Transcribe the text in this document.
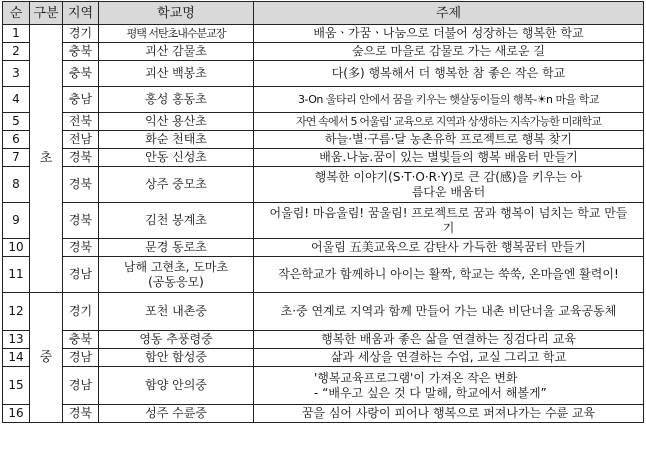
순	구분	지역	학교명	주제
1	초	경기	평택 서탄초내수분교장	배움ㆍ가꿈ㆍ나눔으로 더불어 성장하는 행복한 학교
2		충북	괴산 감물초	숲으로 마을로 감물로 가는 새로운 길
3		충북	괴산 백봉초	다(多) 행복해서 더 행복한 참 좋은 작은 학교
4		충남	홍성 홍동초	3-On 울타리 안에서 꿈을 키우는 햇살둥이들의 행복-☀n 마을 학교
5		전북	익산 용산초	자연 속에서 5 어울림' 교육으로 지역과 상생하는 지속가능한 미래학교
6		전남	화순 천태초	하늘·별·구름·달 농촌유학 프로젝트로 행복 찾기
7		경북	안동 신성초	배움.나눔.꿈이 있는 별빛들의 행복 배움터 만들기
8		경북	상주 중모초	행복한 이야기(S·T·O·R·Y)로 큰 감(感)을 키우는 아름다운 배움터
9		경북	김천 봉계초	어울림! 마음울림! 꿈울림! 프로젝트로 꿈과 행복이 넘치는 학교 만들기
10		경북	문경 동로초	어울림 五美교육으로 감탄사 가득한 행복꿈터 만들기
11		경남	남해 고현초, 도마초 (공동응모)	작은학교가 함께하니 아이는 활짝, 학교는 쑥쑥, 온마을엔 활력이!
12	중	경기	포천 내촌중	초·중 연계로 지역과 함께 만들어 가는 내촌 비단너울 교육공동체
13		충북	영동 추풍령중	행복한 배움과 좋은 삶을 연결하는 징검다리 교육
14		경남	함안 함성중	삶과 세상을 연결하는 수업, 교실 그리고 학교
15		경남	함양 안의중	'행복교육프로그램'이 가져온 작은 변화
- “배우고 싶은 것 다 말해, 학교에서 해볼게”

16		경북	성주 수륜중	꿈을 심어 사랑이 피어나 행복으로 퍼져나가는 수륜 교육
